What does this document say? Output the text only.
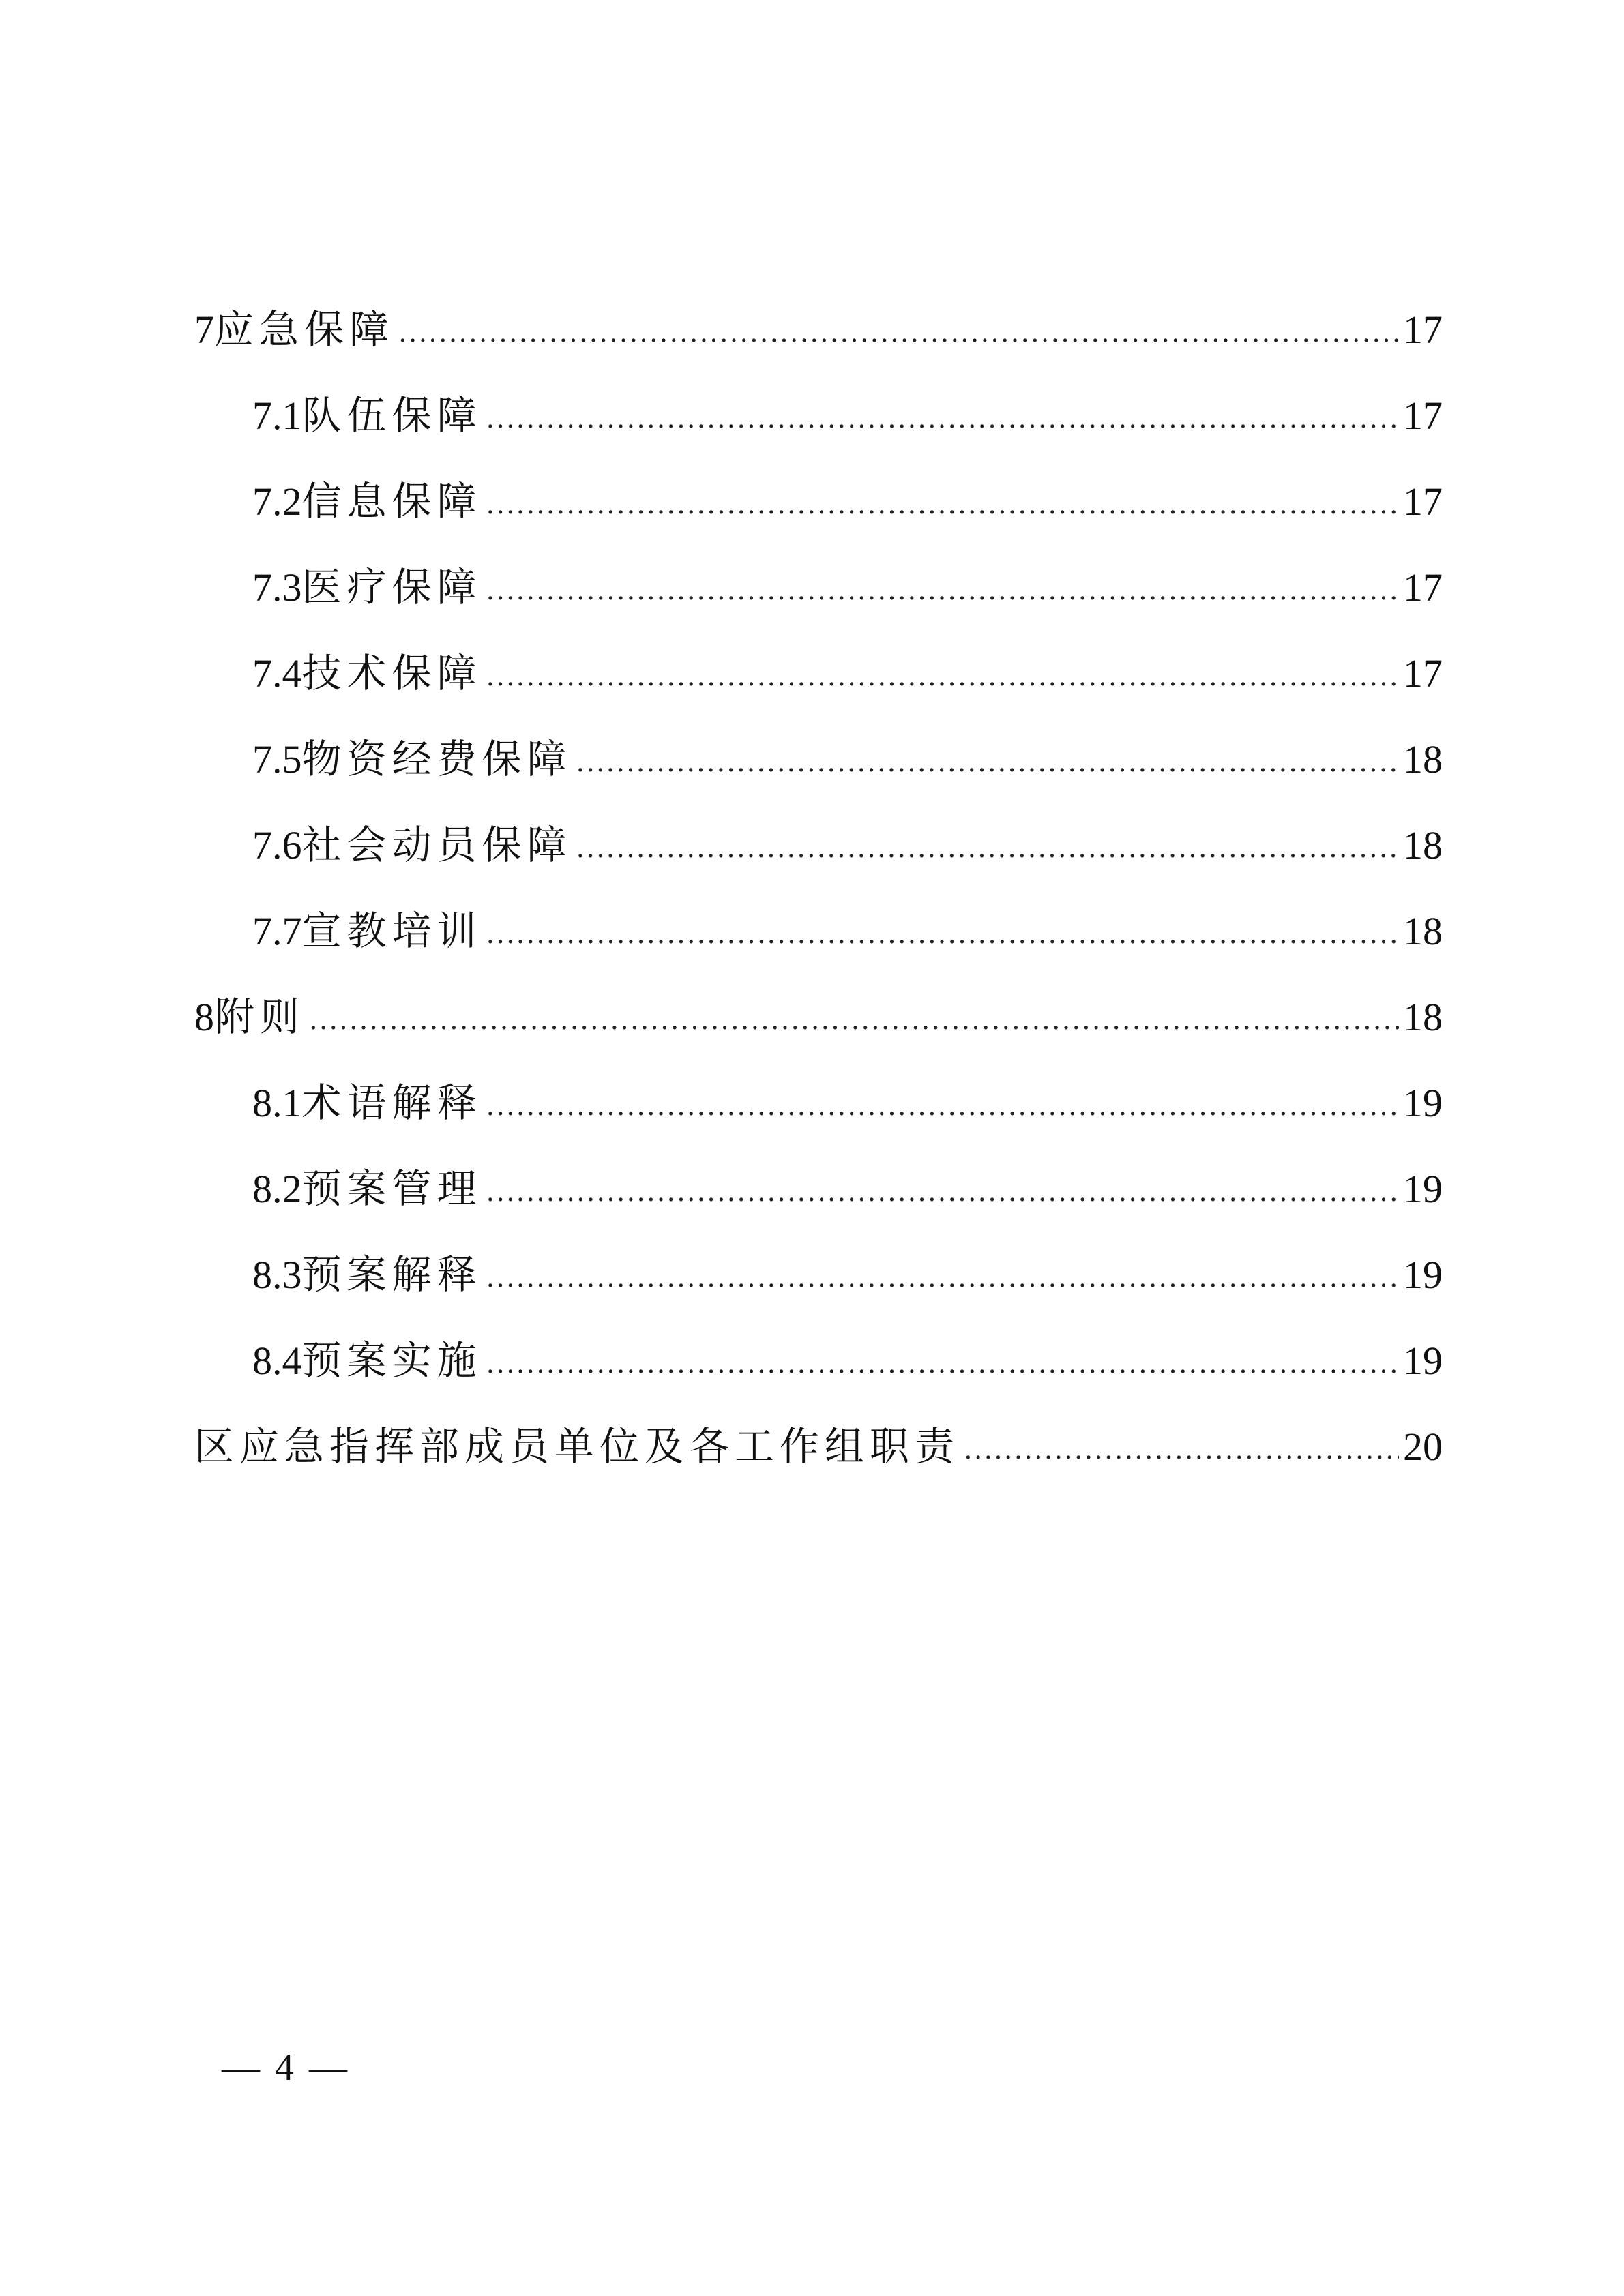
7 应急保障 .....	17
7.1 队伍保障 .....	17
7.2 信息保障 .....	17
7.3 医疗保障 .....	17
7.4 技术保障 .....	17
7.5 物资经费保障 .....	18
7.6 社会动员保障 .....	18
7.7 宣教培训 .....	18
8 附则 .....	18
8.1 术语解释 .....	19
8.2 预案管理 .....	19
8.3 预案解释 .....	19
8.4 预案实施 .....	19
区应急指挥部成员单位及各工作组职责 .....	20
— 4 —
